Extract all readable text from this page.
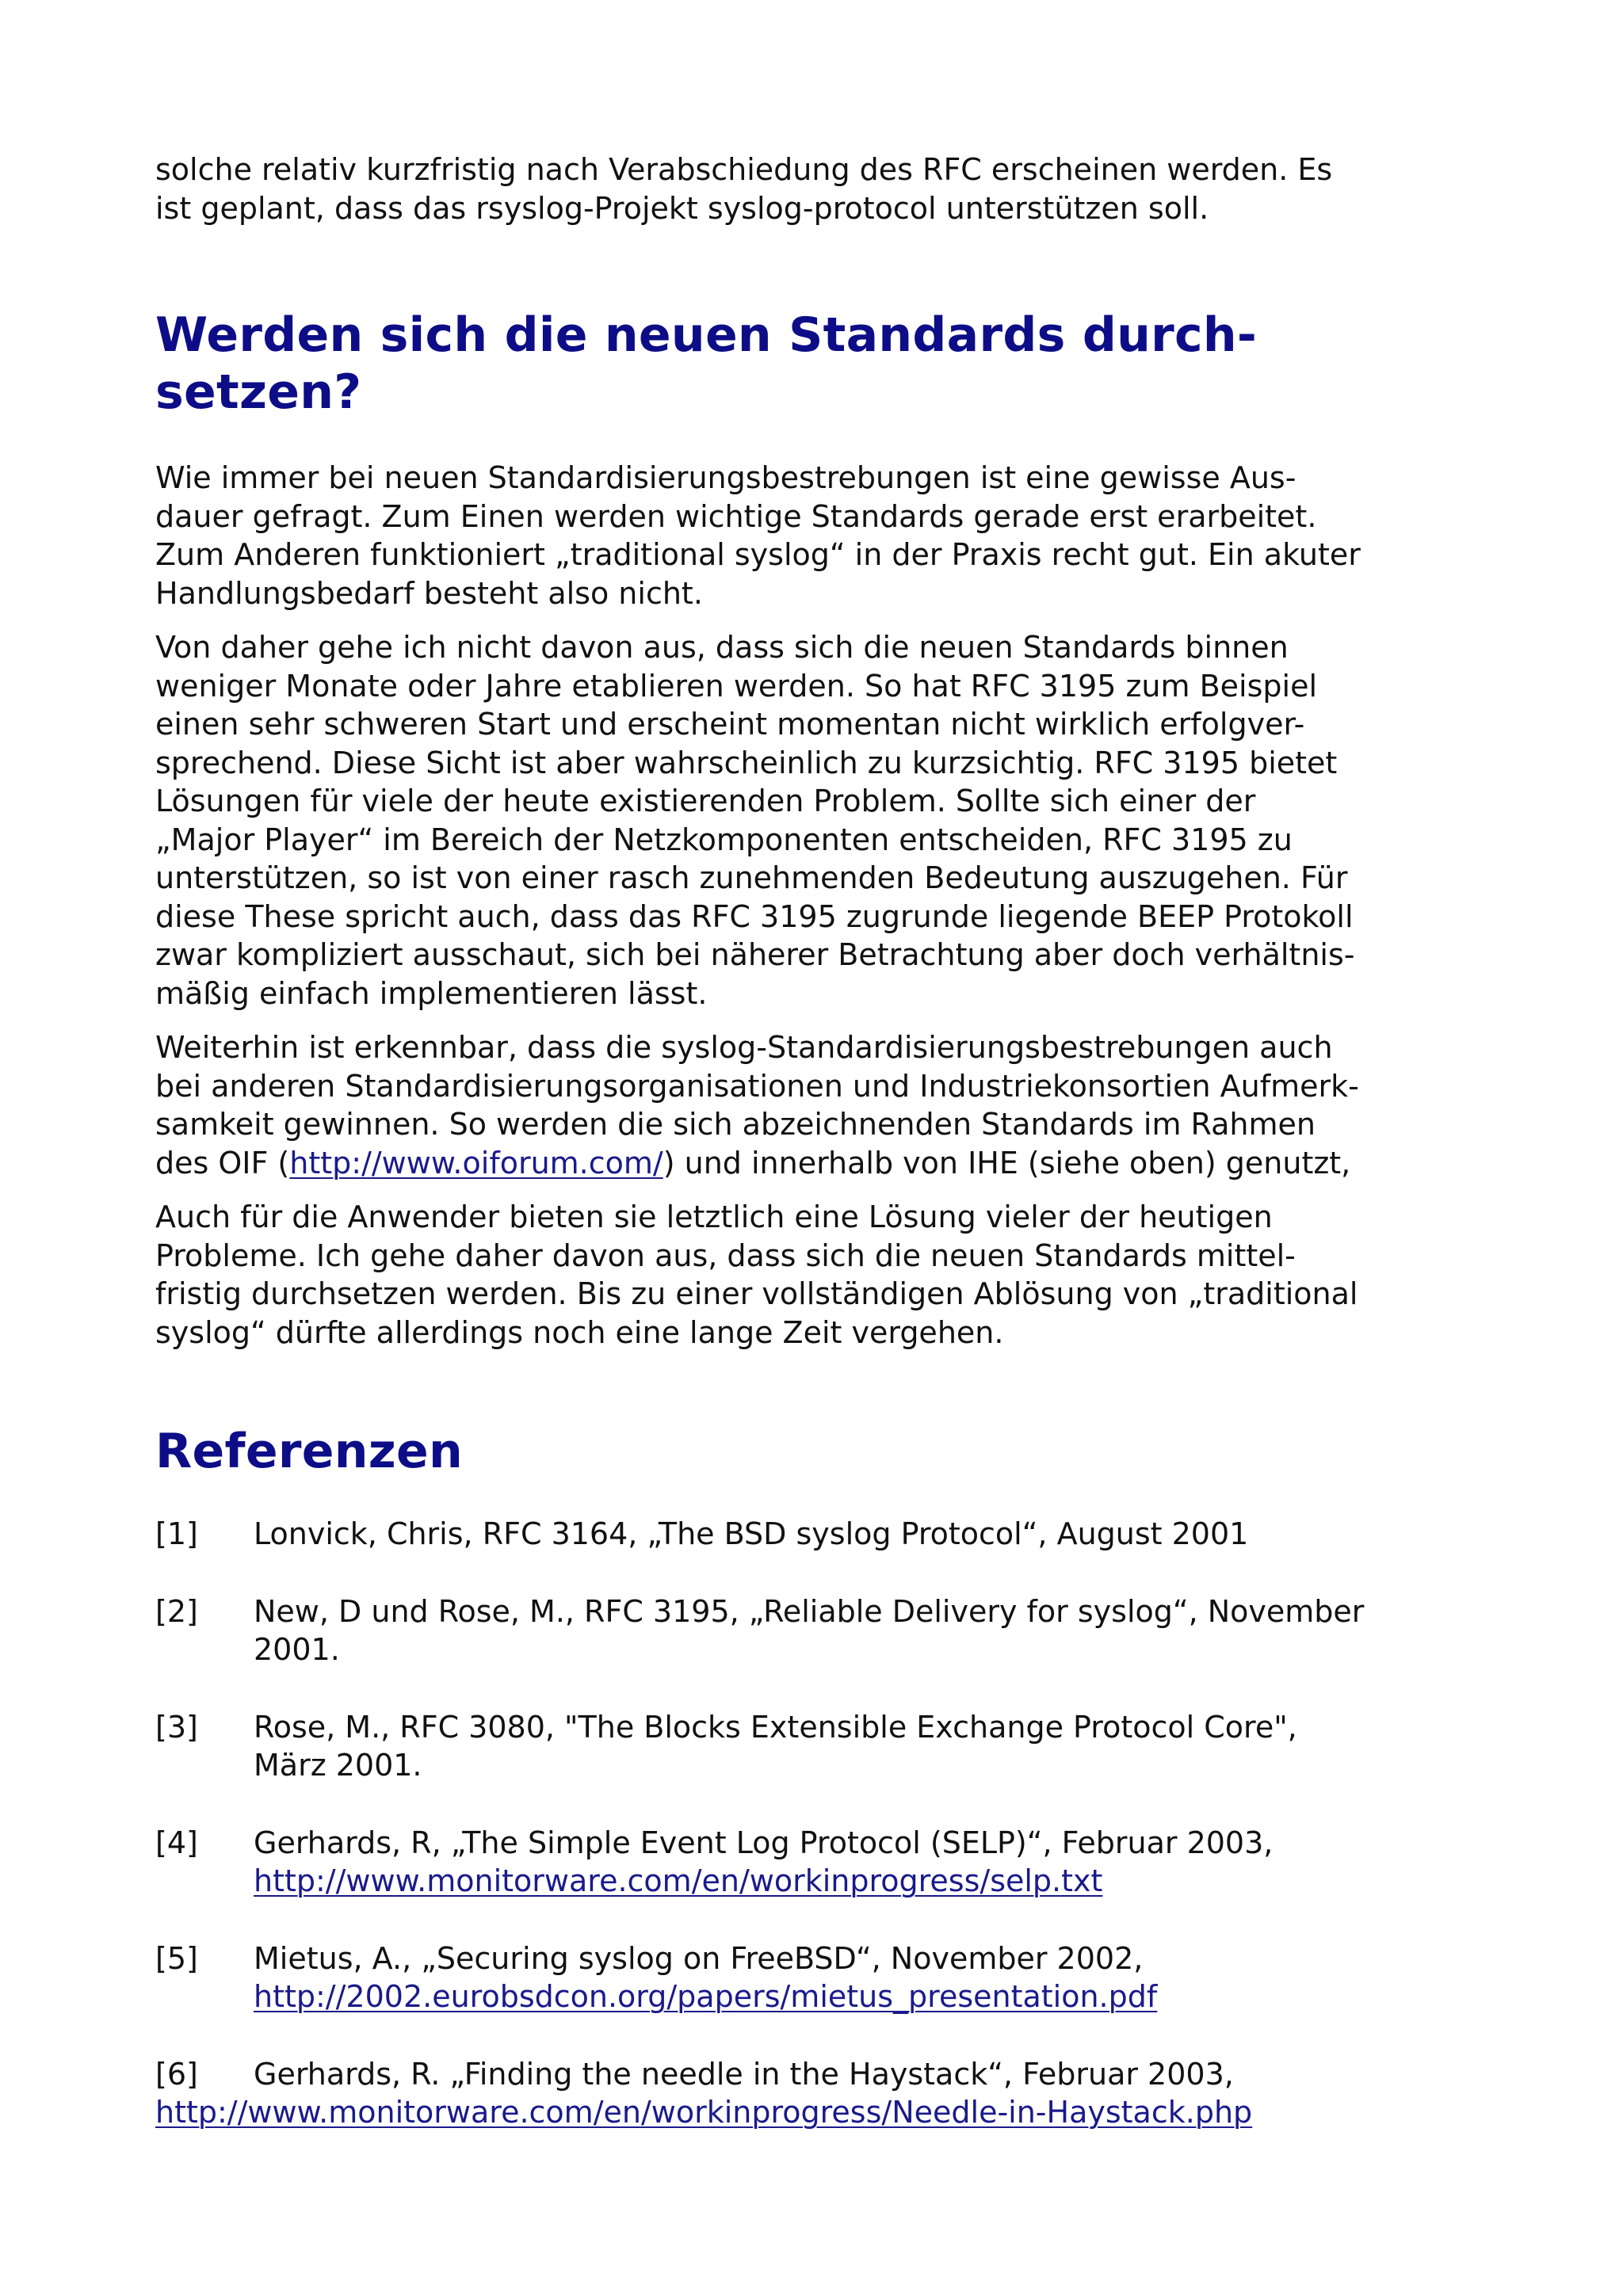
solche relativ kurzfristig nach Verabschiedung des RFC erscheinen werden. Es
ist geplant, dass das rsyslog-Projekt syslog-protocol unterstützen soll.

Werden sich die neuen Standards durch-
setzen?

Wie immer bei neuen Standardisierungsbestrebungen ist eine gewisse Aus-
dauer gefragt. Zum Einen werden wichtige Standards gerade erst erarbeitet.
Zum Anderen funktioniert „traditional syslog“ in der Praxis recht gut. Ein akuter
Handlungsbedarf besteht also nicht.

Von daher gehe ich nicht davon aus, dass sich die neuen Standards binnen
weniger Monate oder Jahre etablieren werden. So hat RFC 3195 zum Beispiel
einen sehr schweren Start und erscheint momentan nicht wirklich erfolgver-
sprechend. Diese Sicht ist aber wahrscheinlich zu kurzsichtig. RFC 3195 bietet
Lösungen für viele der heute existierenden Problem. Sollte sich einer der
„Major Player“ im Bereich der Netzkomponenten entscheiden, RFC 3195 zu
unterstützen, so ist von einer rasch zunehmenden Bedeutung auszugehen. Für
diese These spricht auch, dass das RFC 3195 zugrunde liegende BEEP Protokoll
zwar kompliziert ausschaut, sich bei näherer Betrachtung aber doch verhältnis-
mäßig einfach implementieren lässt.

Weiterhin ist erkennbar, dass die syslog-Standardisierungsbestrebungen auch
bei anderen Standardisierungsorganisationen und Industriekonsortien Aufmerk-
samkeit gewinnen. So werden die sich abzeichnenden Standards im Rahmen
des OIF (http://www.oiforum.com/) und innerhalb von IHE (siehe oben) genutzt,

Auch für die Anwender bieten sie letztlich eine Lösung vieler der heutigen
Probleme. Ich gehe daher davon aus, dass sich die neuen Standards mittel-
fristig durchsetzen werden. Bis zu einer vollständigen Ablösung von „traditional
syslog“ dürfte allerdings noch eine lange Zeit vergehen.

Referenzen
[1] Lonvick, Chris, RFC 3164, „The BSD syslog Protocol“, August 2001
[2] New, D und Rose, M., RFC 3195, „Reliable Delivery for syslog“, November
2001.
[3] Rose, M., RFC 3080, "The Blocks Extensible Exchange Protocol Core",
März 2001.
[4] Gerhards, R, „The Simple Event Log Protocol (SELP)“, Februar 2003,
http://www.monitorware.com/en/workinprogress/selp.txt
[5] Mietus, A., „Securing syslog on FreeBSD“, November 2002,
http://2002.eurobsdcon.org/papers/mietus_presentation.pdf
[6] Gerhards, R. „Finding the needle in the Haystack“, Februar 2003,
http://www.monitorware.com/en/workinprogress/Needle-in-Haystack.php
